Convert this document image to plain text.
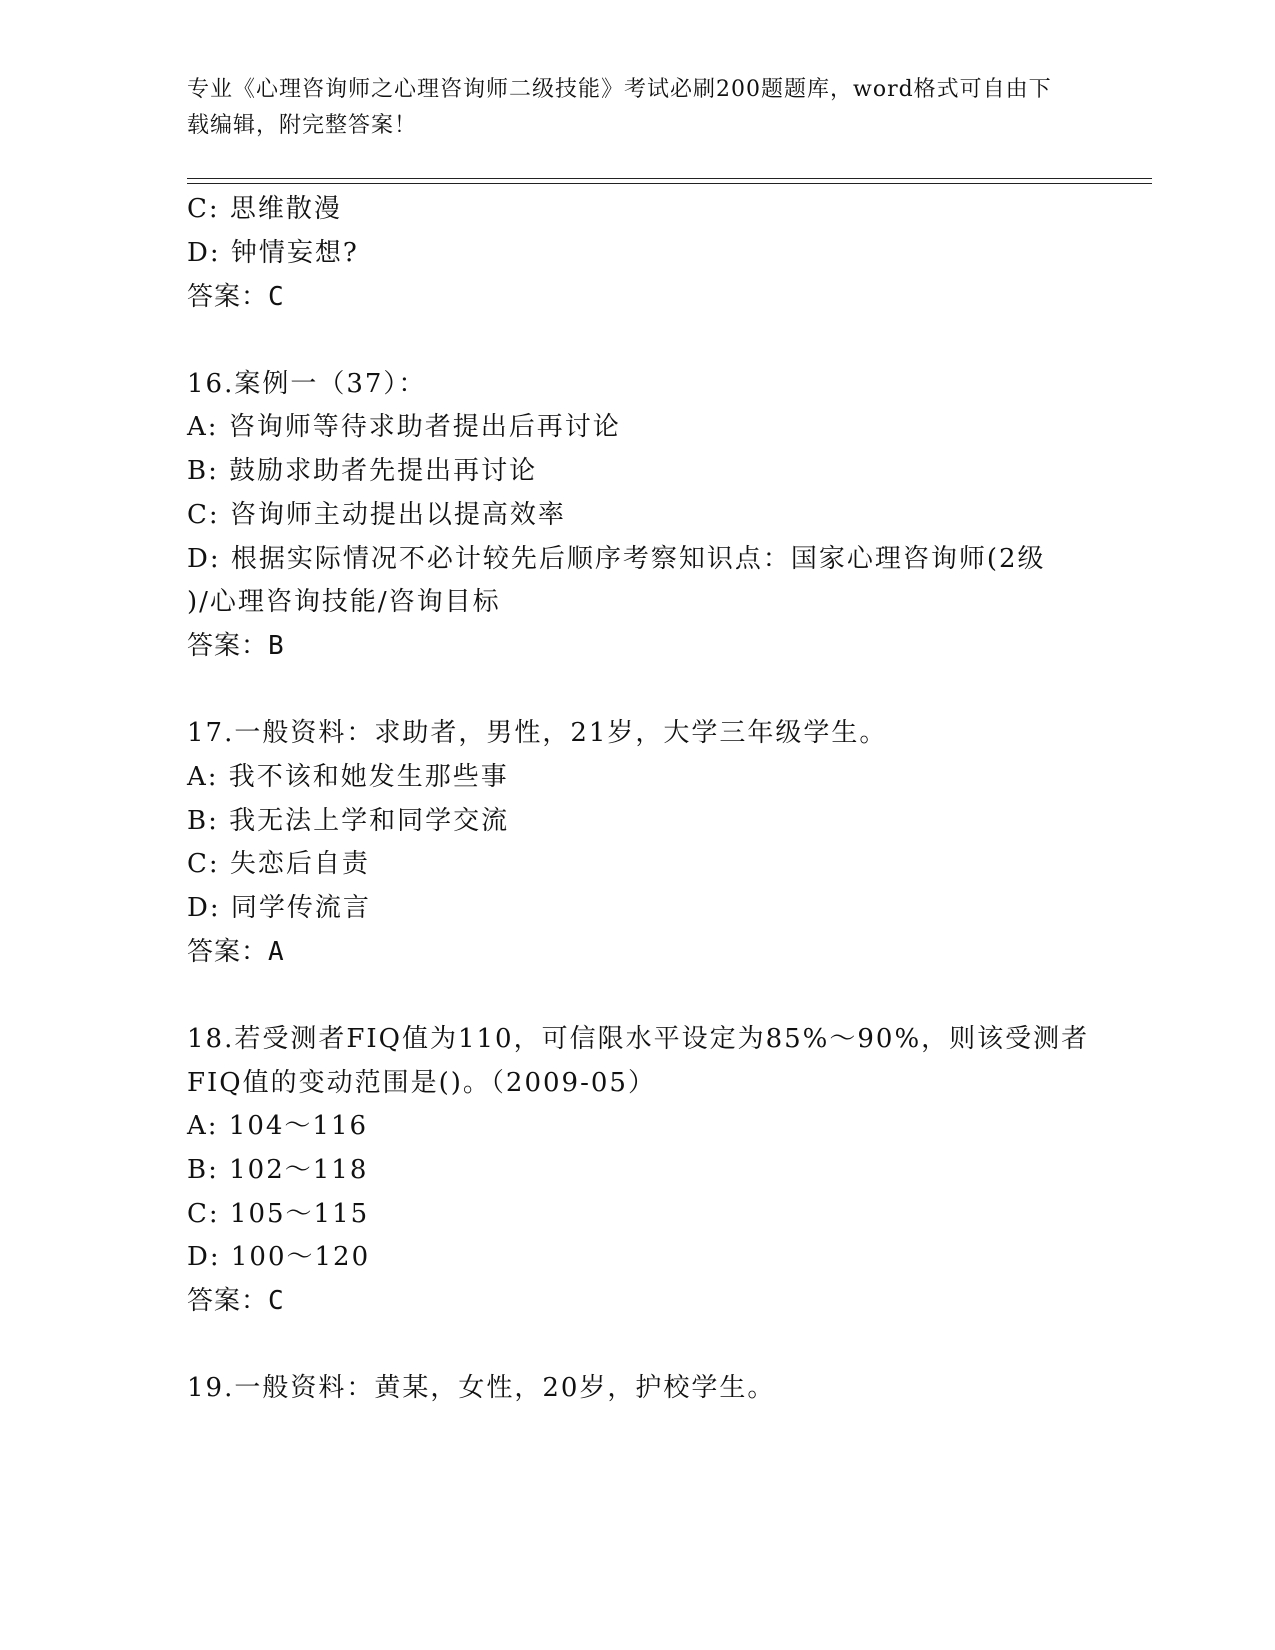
专业《心理咨询师之心理咨询师二级技能》考试必刷200题题库，word格式可自由下载编辑，附完整答案！
C: 思维散漫
D: 钟情妄想?
答案：C
16.案例一（37）：
A: 咨询师等待求助者提出后再讨论
B: 鼓励求助者先提出再讨论
C: 咨询师主动提出以提高效率
D: 根据实际情况不必计较先后顺序考察知识点：国家心理咨询师(2级
)/心理咨询技能/咨询目标
答案：B
17.一般资料：求助者，男性，21岁，大学三年级学生。
A: 我不该和她发生那些事
B: 我无法上学和同学交流
C: 失恋后自责
D: 同学传流言
答案：A
18.若受测者FIQ值为110，可信限水平设定为85%～90%，则该受测者
FIQ值的变动范围是()。（2009-05）
A: 104～116
B: 102～118
C: 105～115
D: 100～120
答案：C
19.一般资料：黄某，女性，20岁，护校学生。
